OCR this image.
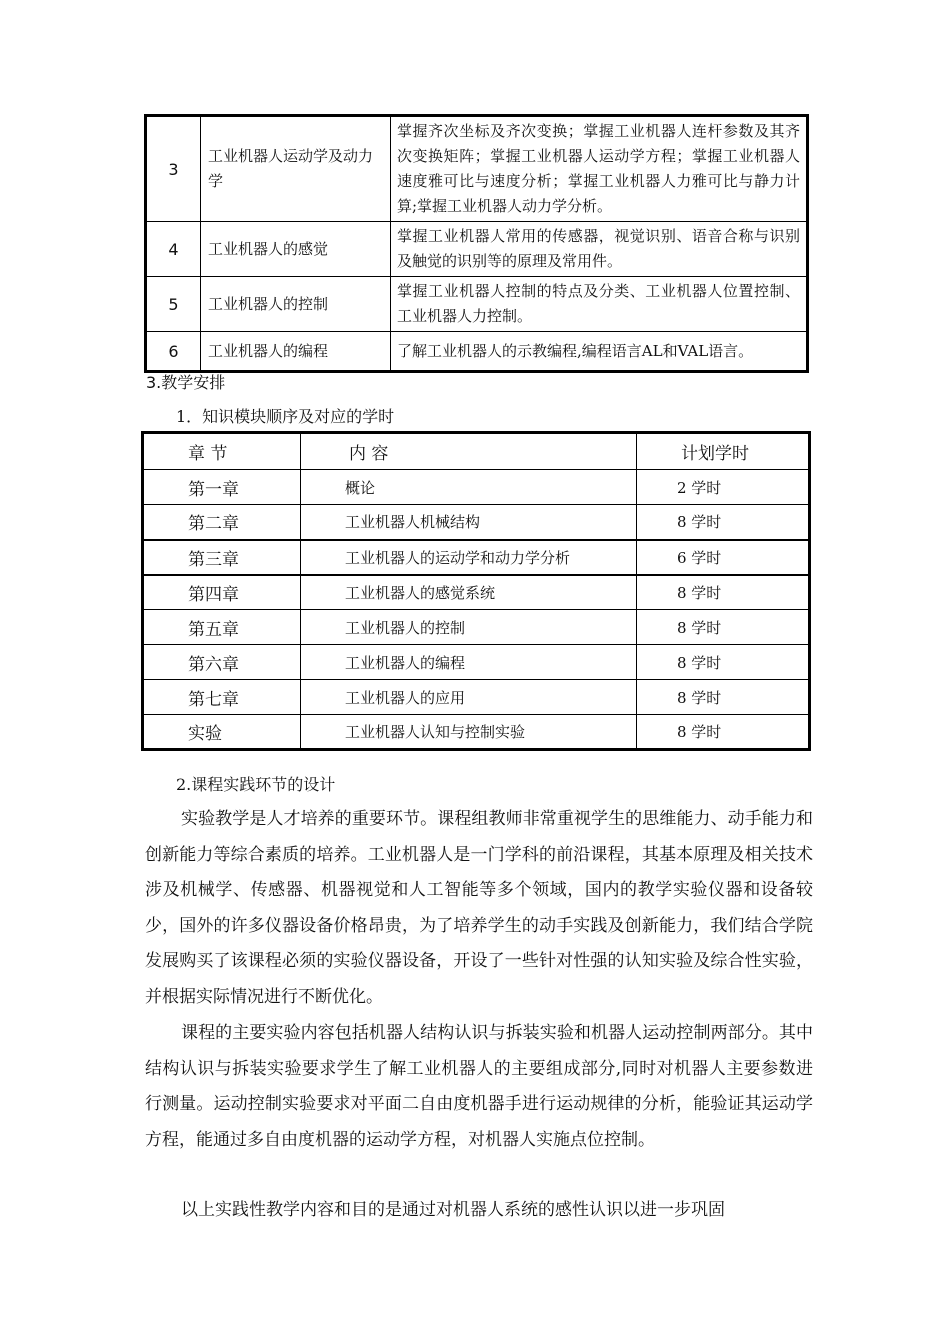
3	工业机器人运动学及动力学	掌握齐次坐标及齐次变换；掌握工业机器人连杆参数及其齐次变换矩阵；掌握工业机器人运动学方程；掌握工业机器人速度雅可比与速度分析；掌握工业机器人力雅可比与静力计算;掌握工业机器人动力学分析。
4	工业机器人的感觉	掌握工业机器人常用的传感器，视觉识别、语音合称与识别及触觉的识别等的原理及常用件。
5	工业机器人的控制	掌握工业机器人控制的特点及分类、工业机器人位置控制、工业机器人力控制。
6	工业机器人的编程	了解工业机器人的示教编程,编程语言AL和VAL语言。
3.教学安排
1．知识模块顺序及对应的学时
章 节	内 容	计划学时
第一章	概论	2 学时
第二章	工业机器人机械结构	8 学时
第三章	工业机器人的运动学和动力学分析	6 学时
第四章	工业机器人的感觉系统	8 学时
第五章	工业机器人的控制	8 学时
第六章	工业机器人的编程	8 学时
第七章	工业机器人的应用	8 学时
实验	工业机器人认知与控制实验	8 学时
2.课程实践环节的设计

实验教学是人才培养的重要环节。课程组教师非常重视学生的思维能力、动手能力和创新能力等综合素质的培养。工业机器人是一门学科的前沿课程，其基本原理及相关技术涉及机械学、传感器、机器视觉和人工智能等多个领域，国内的教学实验仪器和设备较少，国外的许多仪器设备价格昂贵，为了培养学生的动手实践及创新能力，我们结合学院发展购买了该课程必须的实验仪器设备，开设了一些针对性强的认知实验及综合性实验，并根据实际情况进行不断优化。

课程的主要实验内容包括机器人结构认识与拆装实验和机器人运动控制两部分。其中结构认识与拆装实验要求学生了解工业机器人的主要组成部分,同时对机器人主要参数进行测量。运动控制实验要求对平面二自由度机器手进行运动规律的分析，能验证其运动学方程，能通过多自由度机器的运动学方程，对机器人实施点位控制。

以上实践性教学内容和目的是通过对机器人系统的感性认识以进一步巩固
